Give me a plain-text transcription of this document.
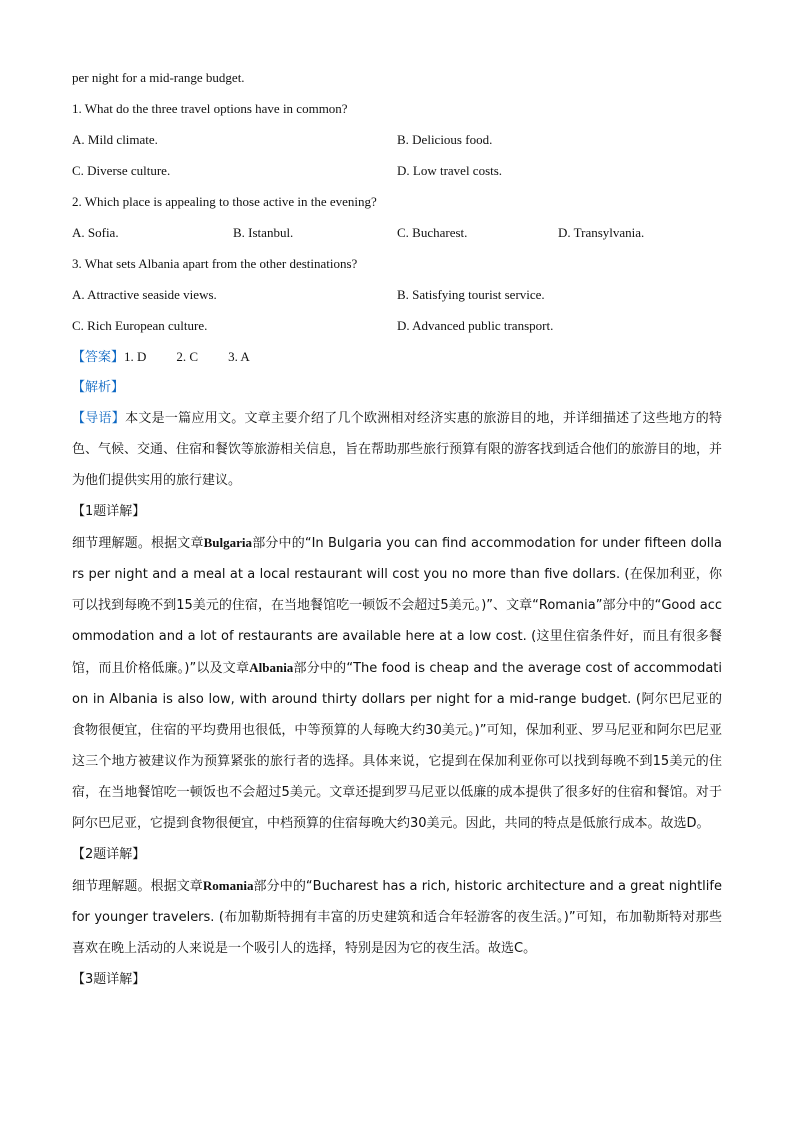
per night for a mid-range budget.
1. What do the three travel options have in common?
A. Mild climate.	B. Delicious food.
C. Diverse culture.	D. Low travel costs.
2. Which place is appealing to those active in the evening?
A. Sofia.	B. Istanbul.	C. Bucharest.	D. Transylvania.
3. What sets Albania apart from the other destinations?
A. Attractive seaside views.	B. Satisfying tourist service.
C. Rich European culture.	D. Advanced public transport.
【答案】 1. D 2. C 3. A
【解析】
【导语】本文是一篇应用文。文章主要介绍了几个欧洲相对经济实惠的旅游目的地，并详细描述了这些地方的特色、气候、交通、住宿和餐饮等旅游相关信息，旨在帮助那些旅行预算有限的游客找到适合他们的旅游目的地，并为他们提供实用的旅行建议。
【1题详解】
细节理解题。根据文章Bulgaria部分中的“In Bulgaria you can find accommodation for under fifteen dollars per night and a meal at a local restaurant will cost you no more than five dollars. (在保加利亚，你可以找到每晚不到15美元的住宿，在当地餐馆吃一顿饭不会超过5美元。)”、文章“Romania”部分中的“Good accommodation and a lot of restaurants are available here at a low cost. (这里住宿条件好，而且有很多餐馆，而且价格低廉。)”以及文章Albania部分中的“The food is cheap and the average cost of accommodation in Albania is also low, with around thirty dollars per night for a mid-range budget. (阿尔巴尼亚的食物很便宜，住宿的平均费用也很低，中等预算的人每晚大约30美元。)”可知，保加利亚、罗马尼亚和阿尔巴尼亚这三个地方被建议作为预算紧张的旅行者的选择。具体来说，它提到在保加利亚你可以找到每晚不到15美元的住宿，在当地餐馆吃一顿饭也不会超过5美元。文章还提到罗马尼亚以低廉的成本提供了很多好的住宿和餐馆。对于阿尔巴尼亚，它提到食物很便宜，中档预算的住宿每晚大约30美元。因此，共同的特点是低旅行成本。故选D。
【2题详解】
细节理解题。根据文章Romania部分中的“Bucharest has a rich, historic architecture and a great nightlife for younger travelers. (布加勒斯特拥有丰富的历史建筑和适合年轻游客的夜生活。)”可知，布加勒斯特对那些喜欢在晚上活动的人来说是一个吸引人的选择，特别是因为它的夜生活。故选C。
【3题详解】
